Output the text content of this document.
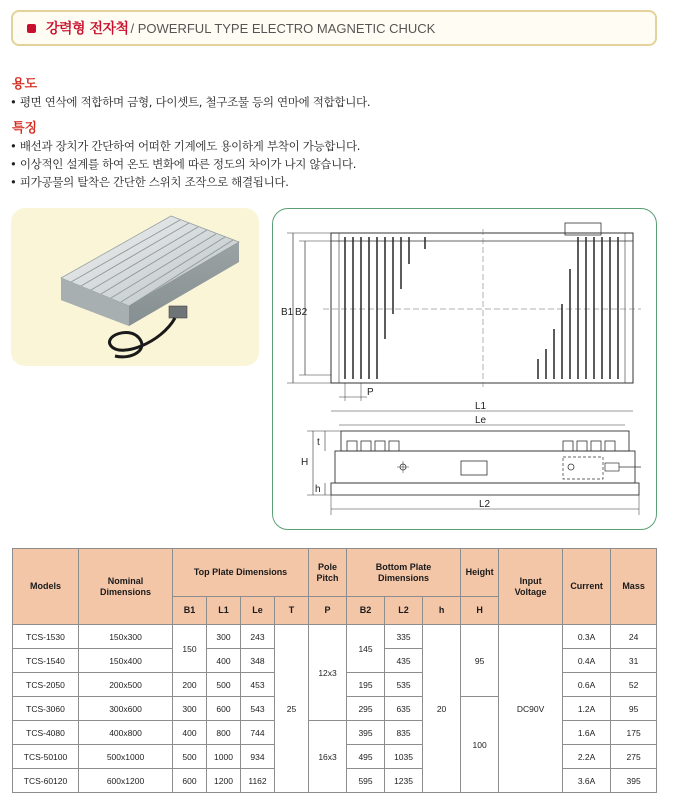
강력형 전자척 / POWERFUL TYPE ELECTRO MAGNETIC CHUCK
용도
• 평면 연삭에 적합하며 금형, 다이셋트, 철구조물 등의 연마에 적합합니다.
특징
• 배선과 장치가 간단하여 어떠한 기계에도 용이하게 부착이 가능합니다.
• 이상적인 설계를 하여 온도 변화에 따른 정도의 차이가 나지 않습니다.
• 피가공물의 탈착은 간단한 스위치 조작으로 해결됩니다.
B1 B2
P
L1
Le
H
t
h
L2
Models	Nominal
Dimensions	Top Plate Dimensions				Pole
Pitch	Bottom Plate
Dimensions			Height	Input
Voltage	Current	Mass
		B1	L1	Le	T	P	B2	L2	h	H			
TCS-1530	150x300	150	300	243	25	12x3	145	335	20	95	DC90V	0.3A	24
TCS-1540	150x400		400	348				435				0.4A	31
TCS-2050	200x500	200	500	453			195	535				0.6A	52
TCS-3060	300x600	300	600	543			295	635		100		1.2A	95
TCS-4080	400x800	400	800	744		16x3	395	835				1.6A	175
TCS-50100	500x1000	500	1000	934			495	1035				2.2A	275
TCS-60120	600x1200	600	1200	1162			595	1235				3.6A	395
